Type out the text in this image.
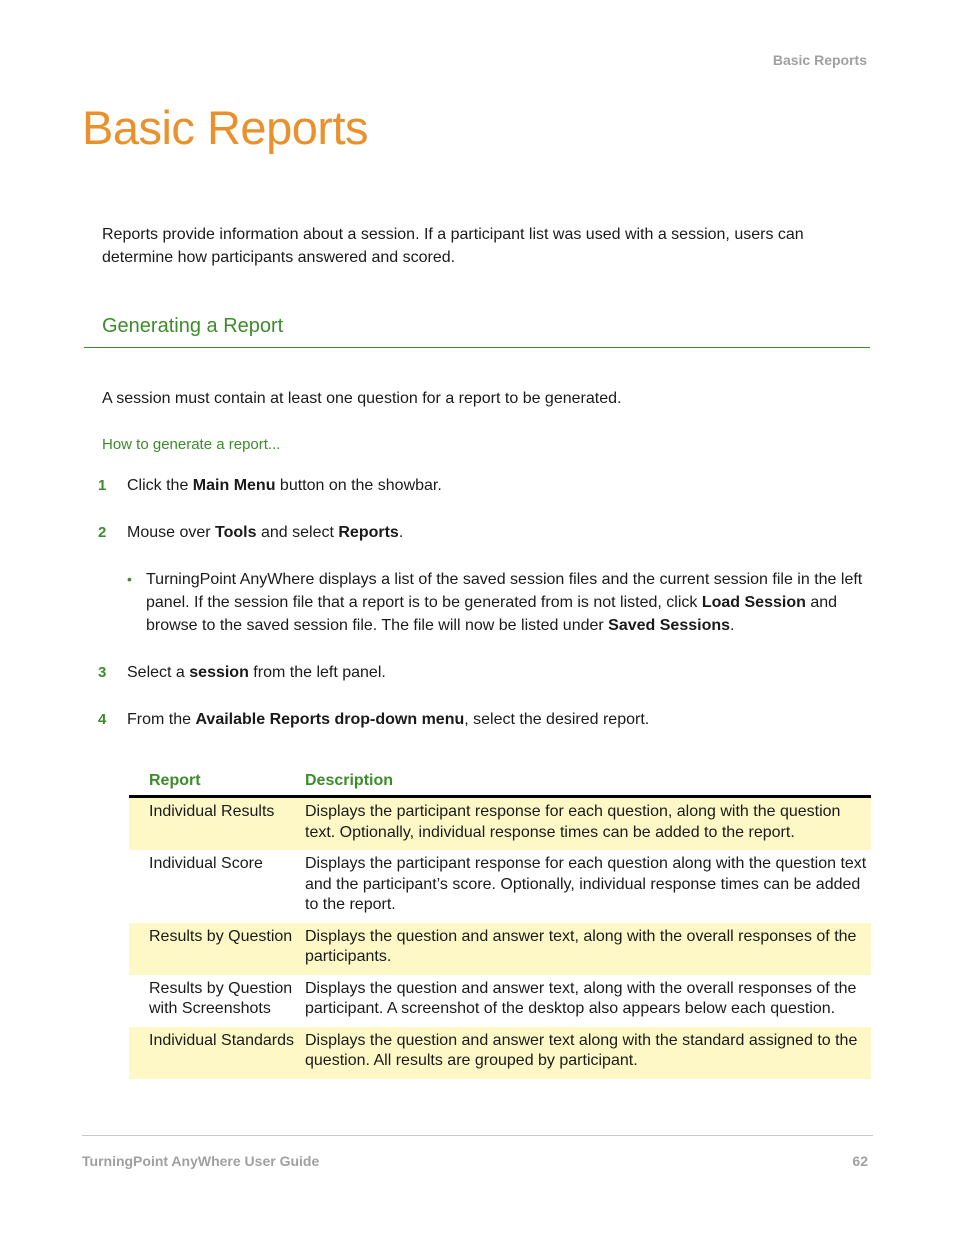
Basic Reports
Basic Reports

Reports provide information about a session. If a participant list was used with a session, users can determine how participants answered and scored.

Generating a Report

A session must contain at least one question for a report to be generated.

How to generate a report...

1 Click the Main Menu button on the showbar.
2 Mouse over Tools and select Reports.
• TurningPoint AnyWhere displays a list of the saved session files and the current session file in the left panel. If the session file that a report is to be generated from is not listed, click Load Session and browse to the saved session file. The file will now be listed under Saved Sessions.
3 Select a session from the left panel.
4 From the Available Reports drop-down menu, select the desired report.
Report	Description
Individual Results	Displays the participant response for each question, along with the question text. Optionally, individual response times can be added to the report.
Individual Score	Displays the participant response for each question along with the question text and the participant’s score. Optionally, individual response times can be added to the report.
Results by Question	Displays the question and answer text, along with the overall responses of the participants.
Results by Question with Screenshots	Displays the question and answer text, along with the overall responses of the participant. A screenshot of the desktop also appears below each question.
Individual Standards	Displays the question and answer text along with the standard assigned to the question. All results are grouped by participant.
TurningPoint AnyWhere User Guide	62
